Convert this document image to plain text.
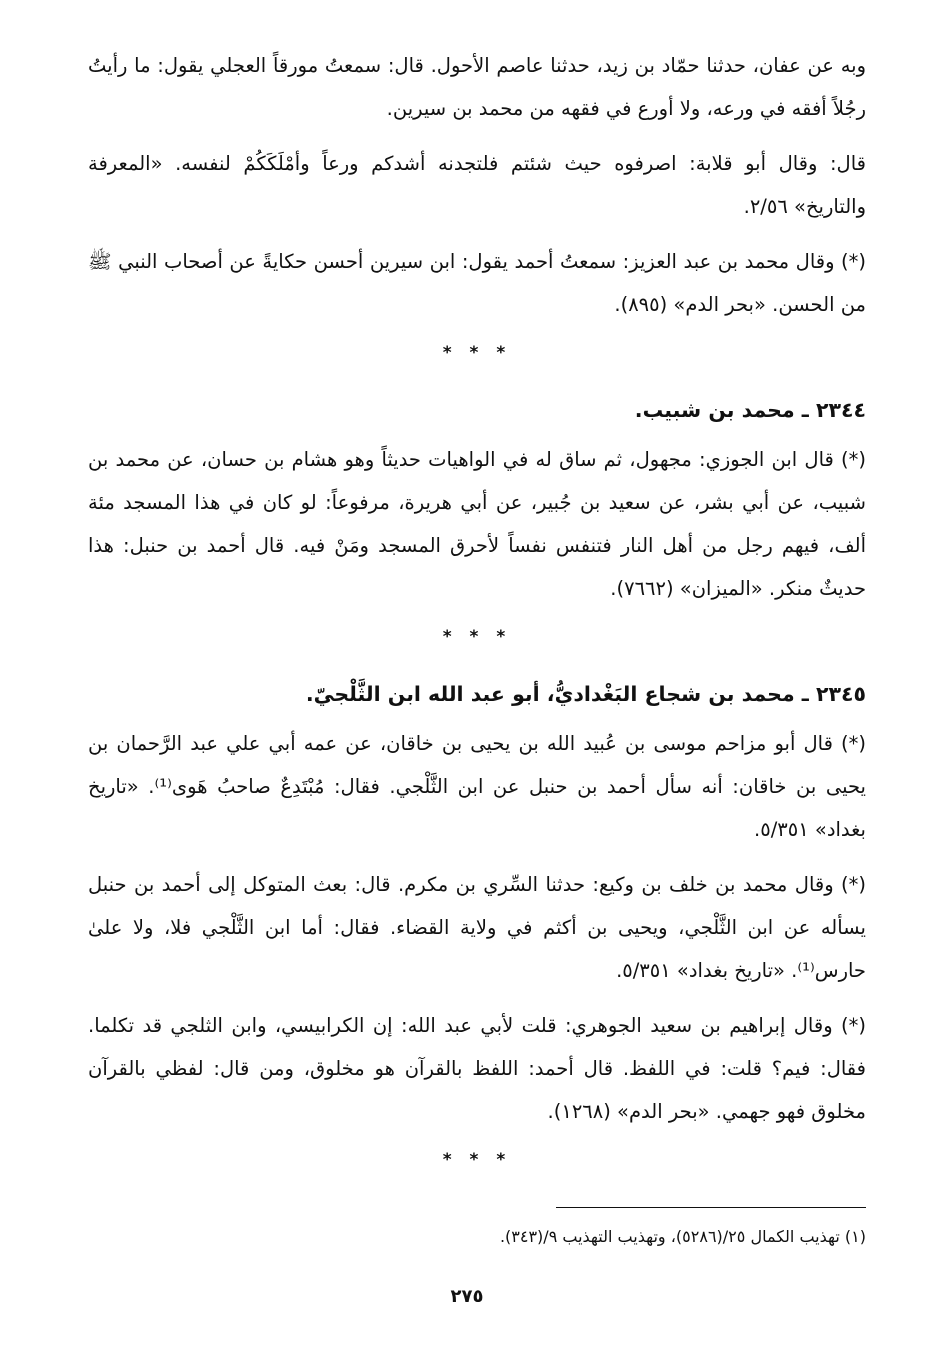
وبه عن عفان، حدثنا حمّاد بن زيد، حدثنا عاصم الأحول. قال: سمعتُ مورقاً العجلي يقول: ما رأيتُ رجُلاً أفقه في ورعه، ولا أورع في فقهه من محمد بن سيرين.

قال: وقال أبو قلابة: اصرفوه حيث شئتم فلتجدنه أشدكم ورعاً وأمْلَكَكُمْ لنفسه. «المعرفة والتاريخ» ٢/٥٦.

(*) وقال محمد بن عبد العزيز: سمعتُ أحمد يقول: ابن سيرين أحسن حكايةً عن أصحاب النبي ﷺ من الحسن. «بحر الدم» (٨٩٥).

* * *
٢٣٤٤ ـ محمد بن شبيب.

(*) قال ابن الجوزي: مجهول، ثم ساق له في الواهيات حديثاً وهو هشام بن حسان، عن محمد بن شبيب، عن أبي بشر، عن سعيد بن جُبير، عن أبي هريرة، مرفوعاً: لو كان في هذا المسجد مئة ألف، فيهم رجل من أهل النار فتنفس نفساً لأحرق المسجد ومَنْ فيه. قال أحمد بن حنبل: هذا حديثٌ منكر. «الميزان» (٧٦٦٢).

* * *
٢٣٤٥ ـ محمد بن شجاع البَغْداديُّ، أبو عبد الله ابن الثَّلْجيّ.

(*) قال أبو مزاحم موسى بن عُبيد الله بن يحيى بن خاقان، عن عمه أبي علي عبد الرَّحمان بن يحيى بن خاقان: أنه سأل أحمد بن حنبل عن ابن الثَّلْجي. فقال: مُبْتَدِعٌ صاحبُ هَوى⁽¹⁾. «تاريخ بغداد» ٥/٣٥١.

(*) وقال محمد بن خلف بن وكيع: حدثنا السِّري بن مكرم. قال: بعث المتوكل إلى أحمد بن حنبل يسأله عن ابن الثَّلْجي، ويحيى بن أكثم في ولاية القضاء. فقال: أما ابن الثَّلْجي فلا، ولا علىٰ حارس⁽¹⁾. «تاريخ بغداد» ٥/٣٥١.

(*) وقال إبراهيم بن سعيد الجوهري: قلت لأبي عبد الله: إن الكرابيسي، وابن الثلجي قد تكلما. فقال: فيم؟ قلت: في اللفظ. قال أحمد: اللفظ بالقرآن هو مخلوق، ومن قال: لفظي بالقرآن مخلوق فهو جهمي. «بحر الدم» (١٢٦٨).

* * *
(١) تهذيب الكمال ٢٥/(٥٢٨٦)، وتهذيب التهذيب ٩/(٣٤٣).
٢٧٥
